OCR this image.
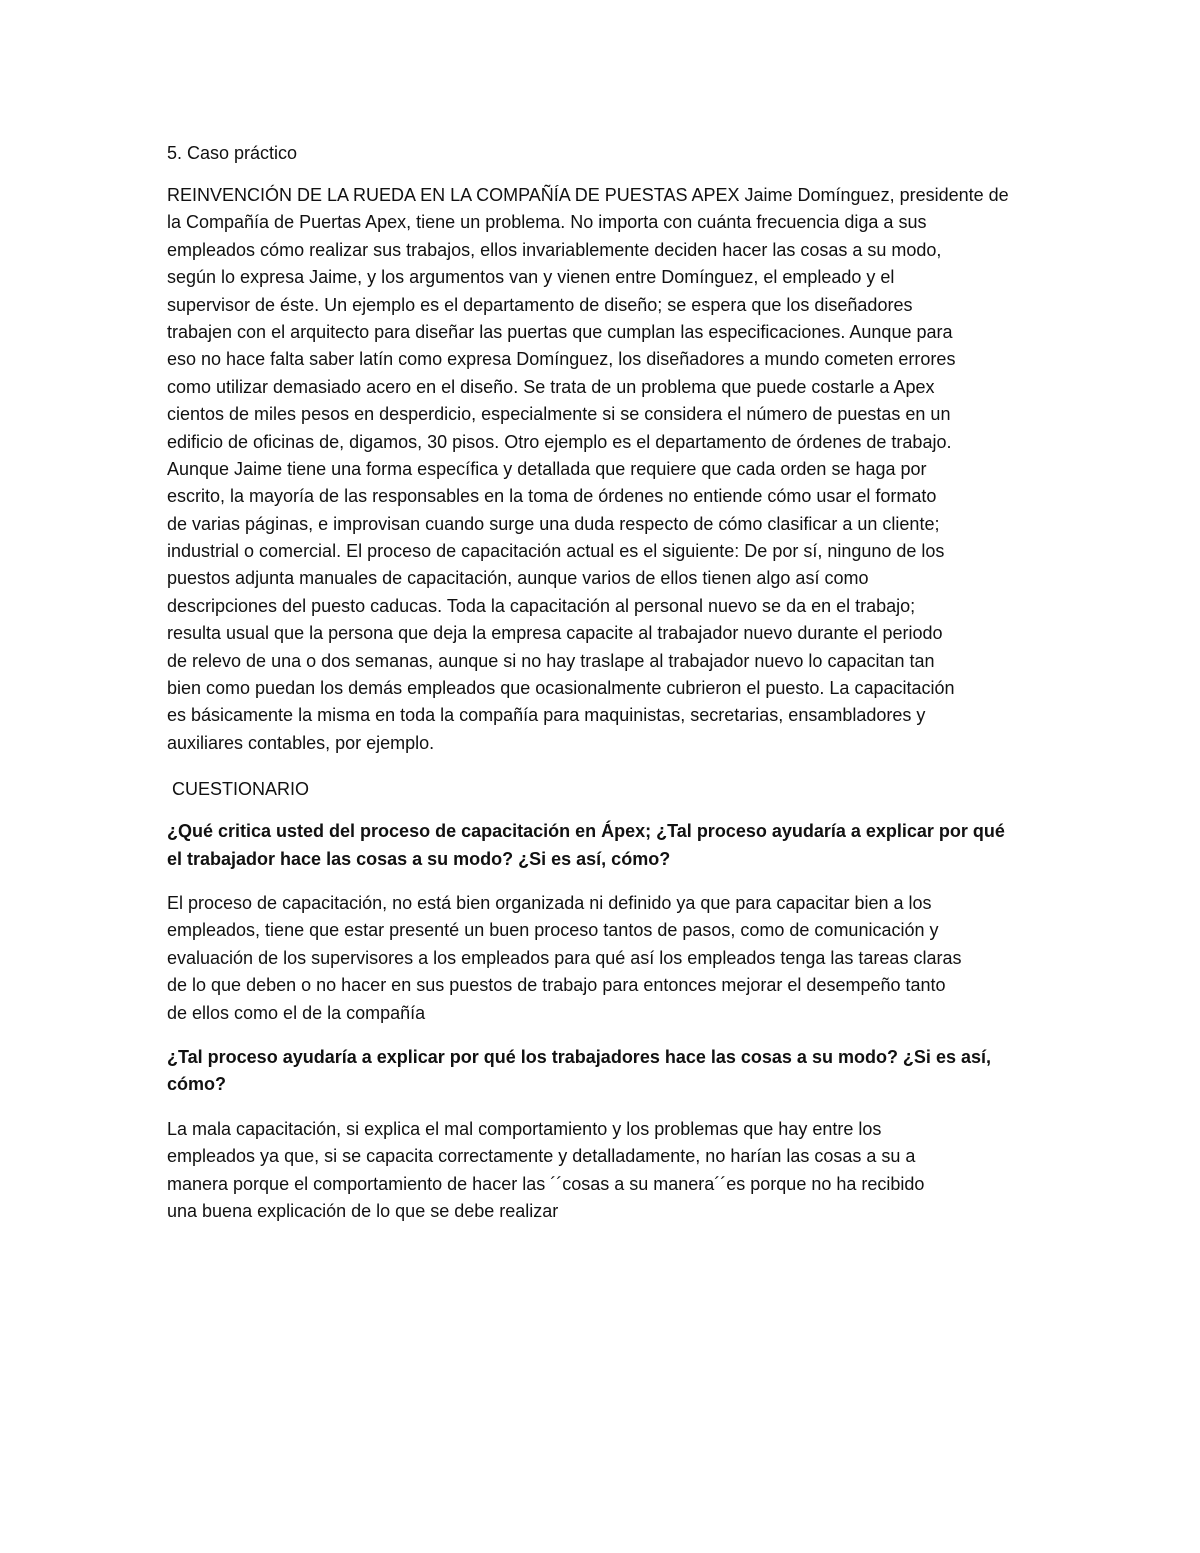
5. Caso práctico
REINVENCIÓN DE LA RUEDA EN LA COMPAÑÍA DE PUESTAS APEX Jaime Domínguez, presidente de
la Compañía de Puertas Apex, tiene un problema. No importa con cuánta frecuencia diga a sus
empleados cómo realizar sus trabajos, ellos invariablemente deciden hacer las cosas a su modo,
según lo expresa Jaime, y los argumentos van y vienen entre Domínguez, el empleado y el
supervisor de éste. Un ejemplo es el departamento de diseño; se espera que los diseñadores
trabajen con el arquitecto para diseñar las puertas que cumplan las especificaciones. Aunque para
eso no hace falta saber latín como expresa Domínguez, los diseñadores a mundo cometen errores
como utilizar demasiado acero en el diseño. Se trata de un problema que puede costarle a Apex
cientos de miles pesos en desperdicio, especialmente si se considera el número de puestas en un
edificio de oficinas de, digamos, 30 pisos. Otro ejemplo es el departamento de órdenes de trabajo.
Aunque Jaime tiene una forma específica y detallada que requiere que cada orden se haga por
escrito, la mayoría de las responsables en la toma de órdenes no entiende cómo usar el formato
de varias páginas, e improvisan cuando surge una duda respecto de cómo clasificar a un cliente;
industrial o comercial. El proceso de capacitación actual es el siguiente: De por sí, ninguno de los
puestos adjunta manuales de capacitación, aunque varios de ellos tienen algo así como
descripciones del puesto caducas. Toda la capacitación al personal nuevo se da en el trabajo;
resulta usual que la persona que deja la empresa capacite al trabajador nuevo durante el periodo
de relevo de una o dos semanas, aunque si no hay traslape al trabajador nuevo lo capacitan tan
bien como puedan los demás empleados que ocasionalmente cubrieron el puesto. La capacitación
es básicamente la misma en toda la compañía para maquinistas, secretarias, ensambladores y
auxiliares contables, por ejemplo.
CUESTIONARIO
¿Qué critica usted del proceso de capacitación en Ápex; ¿Tal proceso ayudaría a explicar por qué
el trabajador hace las cosas a su modo? ¿Si es así, cómo?
El proceso de capacitación, no está bien organizada ni definido ya que para capacitar bien a los
empleados, tiene que estar presenté un buen proceso tantos de pasos, como de comunicación y
evaluación de los supervisores a los empleados para qué así los empleados tenga las tareas claras
de lo que deben o no hacer en sus puestos de trabajo para entonces mejorar el desempeño tanto
de ellos como el de la compañía
¿Tal proceso ayudaría a explicar por qué los trabajadores hace las cosas a su modo? ¿Si es así,
cómo?
La mala capacitación, si explica el mal comportamiento y los problemas que hay entre los
empleados ya que, si se capacita correctamente y detalladamente, no harían las cosas a su a
manera porque el comportamiento de hacer las ´´cosas a su manera´´es porque no ha recibido
una buena explicación de lo que se debe realizar
